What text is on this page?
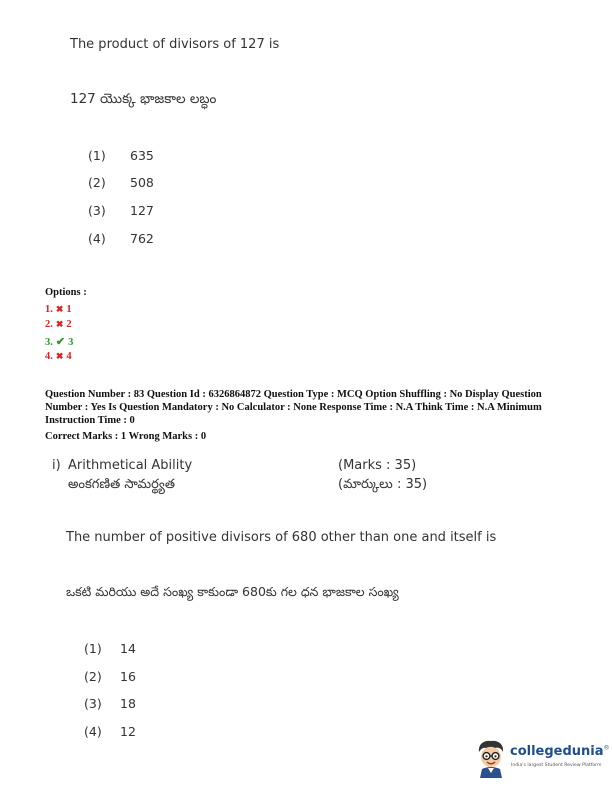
The product of divisors of 127 is
127 యొక్క భాజకాల లబ్ధం
(1) 635
(2) 508
(3) 127
(4) 762
Options :
1. ✖ 1
2. ✖ 2
3. ✔ 3
4. ✖ 4
Question Number : 83 Question Id : 6326864872 Question Type : MCQ Option Shuffling : No Display Question
Number : Yes Is Question Mandatory : No Calculator : None Response Time : N.A Think Time : N.A Minimum
Instruction Time : 0
Correct Marks : 1 Wrong Marks : 0
i) Arithmetical Ability
అంకగణిత సామర్థ్యత
(Marks : 35)
(మార్కులు : 35)
The number of positive divisors of 680 other than one and itself is
ఒకటి మరియు అదే సంఖ్య కాకుండా 680కు గల ధన భాజకాల సంఖ్య
(1) 14
(2) 16
(3) 18
(4) 12
collegedunia®
India's largest Student Review Platform
